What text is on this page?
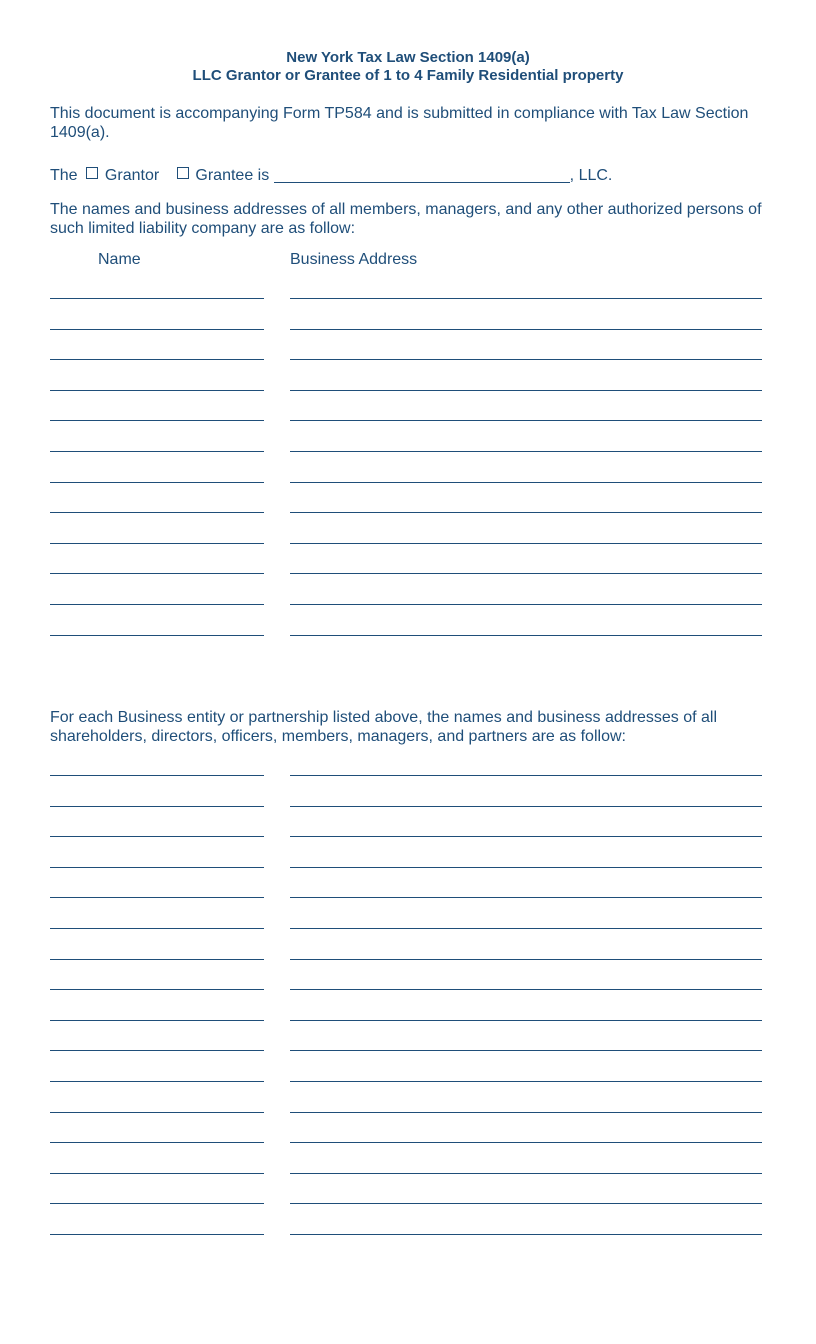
New York Tax Law Section 1409(a)
LLC Grantor or Grantee of 1 to 4 Family Residential property
This document is accompanying Form TP584 and is submitted in compliance with Tax Law Section 1409(a).
The Grantor Grantee is	, LLC.
The names and business addresses of all members, managers, and any other authorized persons of such limited liability company are as follow:
Name	Business Address
For each Business entity or partnership listed above, the names and business addresses of all shareholders, directors, officers, members, managers, and partners are as follow:
